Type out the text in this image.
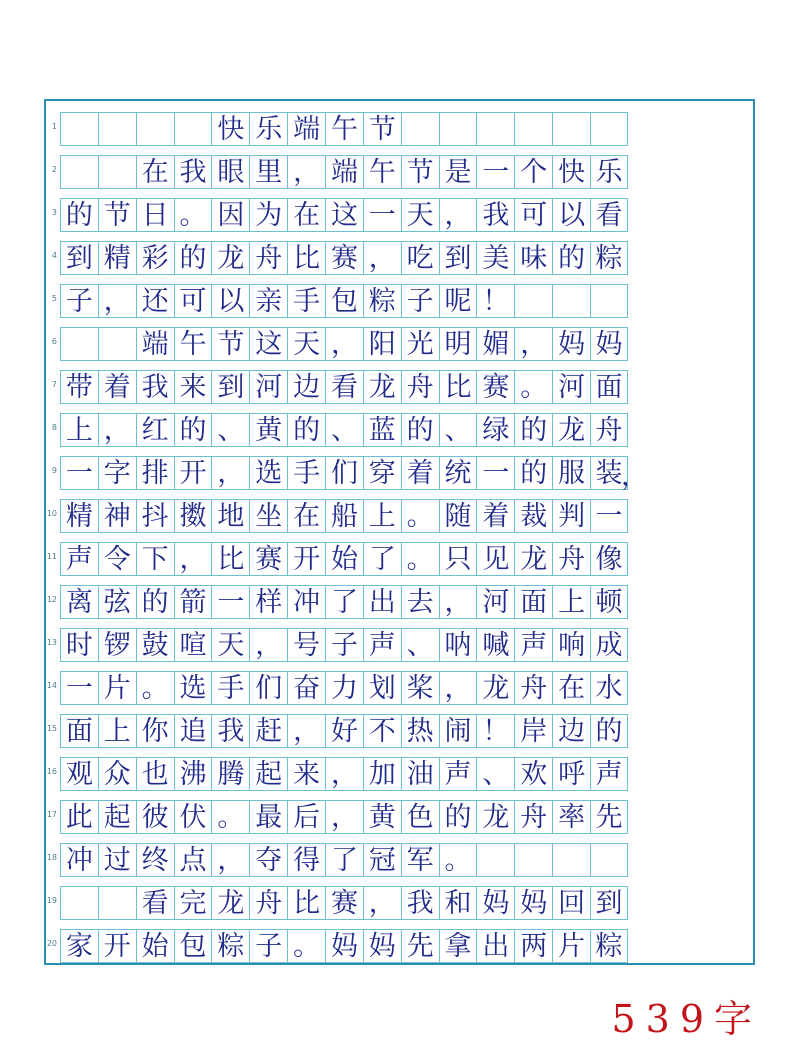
1	快 乐 端 午 节
2	在 我 眼 里 ， 端 午 节 是 一 个 快 乐
3 的 节 日 。 因 为 在 这 一 天 ， 我 可 以 看
4 到 精 彩 的 龙 舟 比 赛 ， 吃 到 美 味 的 粽
5 子 ， 还 可 以 亲 手 包 粽 子 呢 ！
6	端 午 节 这 天 ， 阳 光 明 媚 ， 妈 妈
7 带 着 我 来 到 河 边 看 龙 舟 比 赛 。 河 面
8 上 ， 红 的 、 黄 的 、 蓝 的 、 绿 的 龙 舟
9 一 字 排 开 ， 选 手 们 穿 着 统 一 的 服 装
，
10 精 神 抖 擞 地 坐 在 船 上 。 随 着 裁 判 一
11 声 令 下 ， 比 赛 开 始 了 。 只 见 龙 舟 像
12 离 弦 的 箭 一 样 冲 了 出 去 ， 河 面 上 顿
13 时 锣 鼓 喧 天 ， 号 子 声 、 呐 喊 声 响 成
14 一 片 。 选 手 们 奋 力 划 桨 ， 龙 舟 在 水
15 面 上 你 追 我 赶 ， 好 不 热 闹 ！ 岸 边 的
16 观 众 也 沸 腾 起 来 ， 加 油 声 、 欢 呼 声
17 此 起 彼 伏 。 最 后 ， 黄 色 的 龙 舟 率 先
18 冲 过 终 点 ， 夺 得 了 冠 军 。
19	看 完 龙 舟 比 赛 ， 我 和 妈 妈 回 到
20 家 开 始 包 粽 子 。 妈 妈 先 拿 出 两 片 粽
539字
